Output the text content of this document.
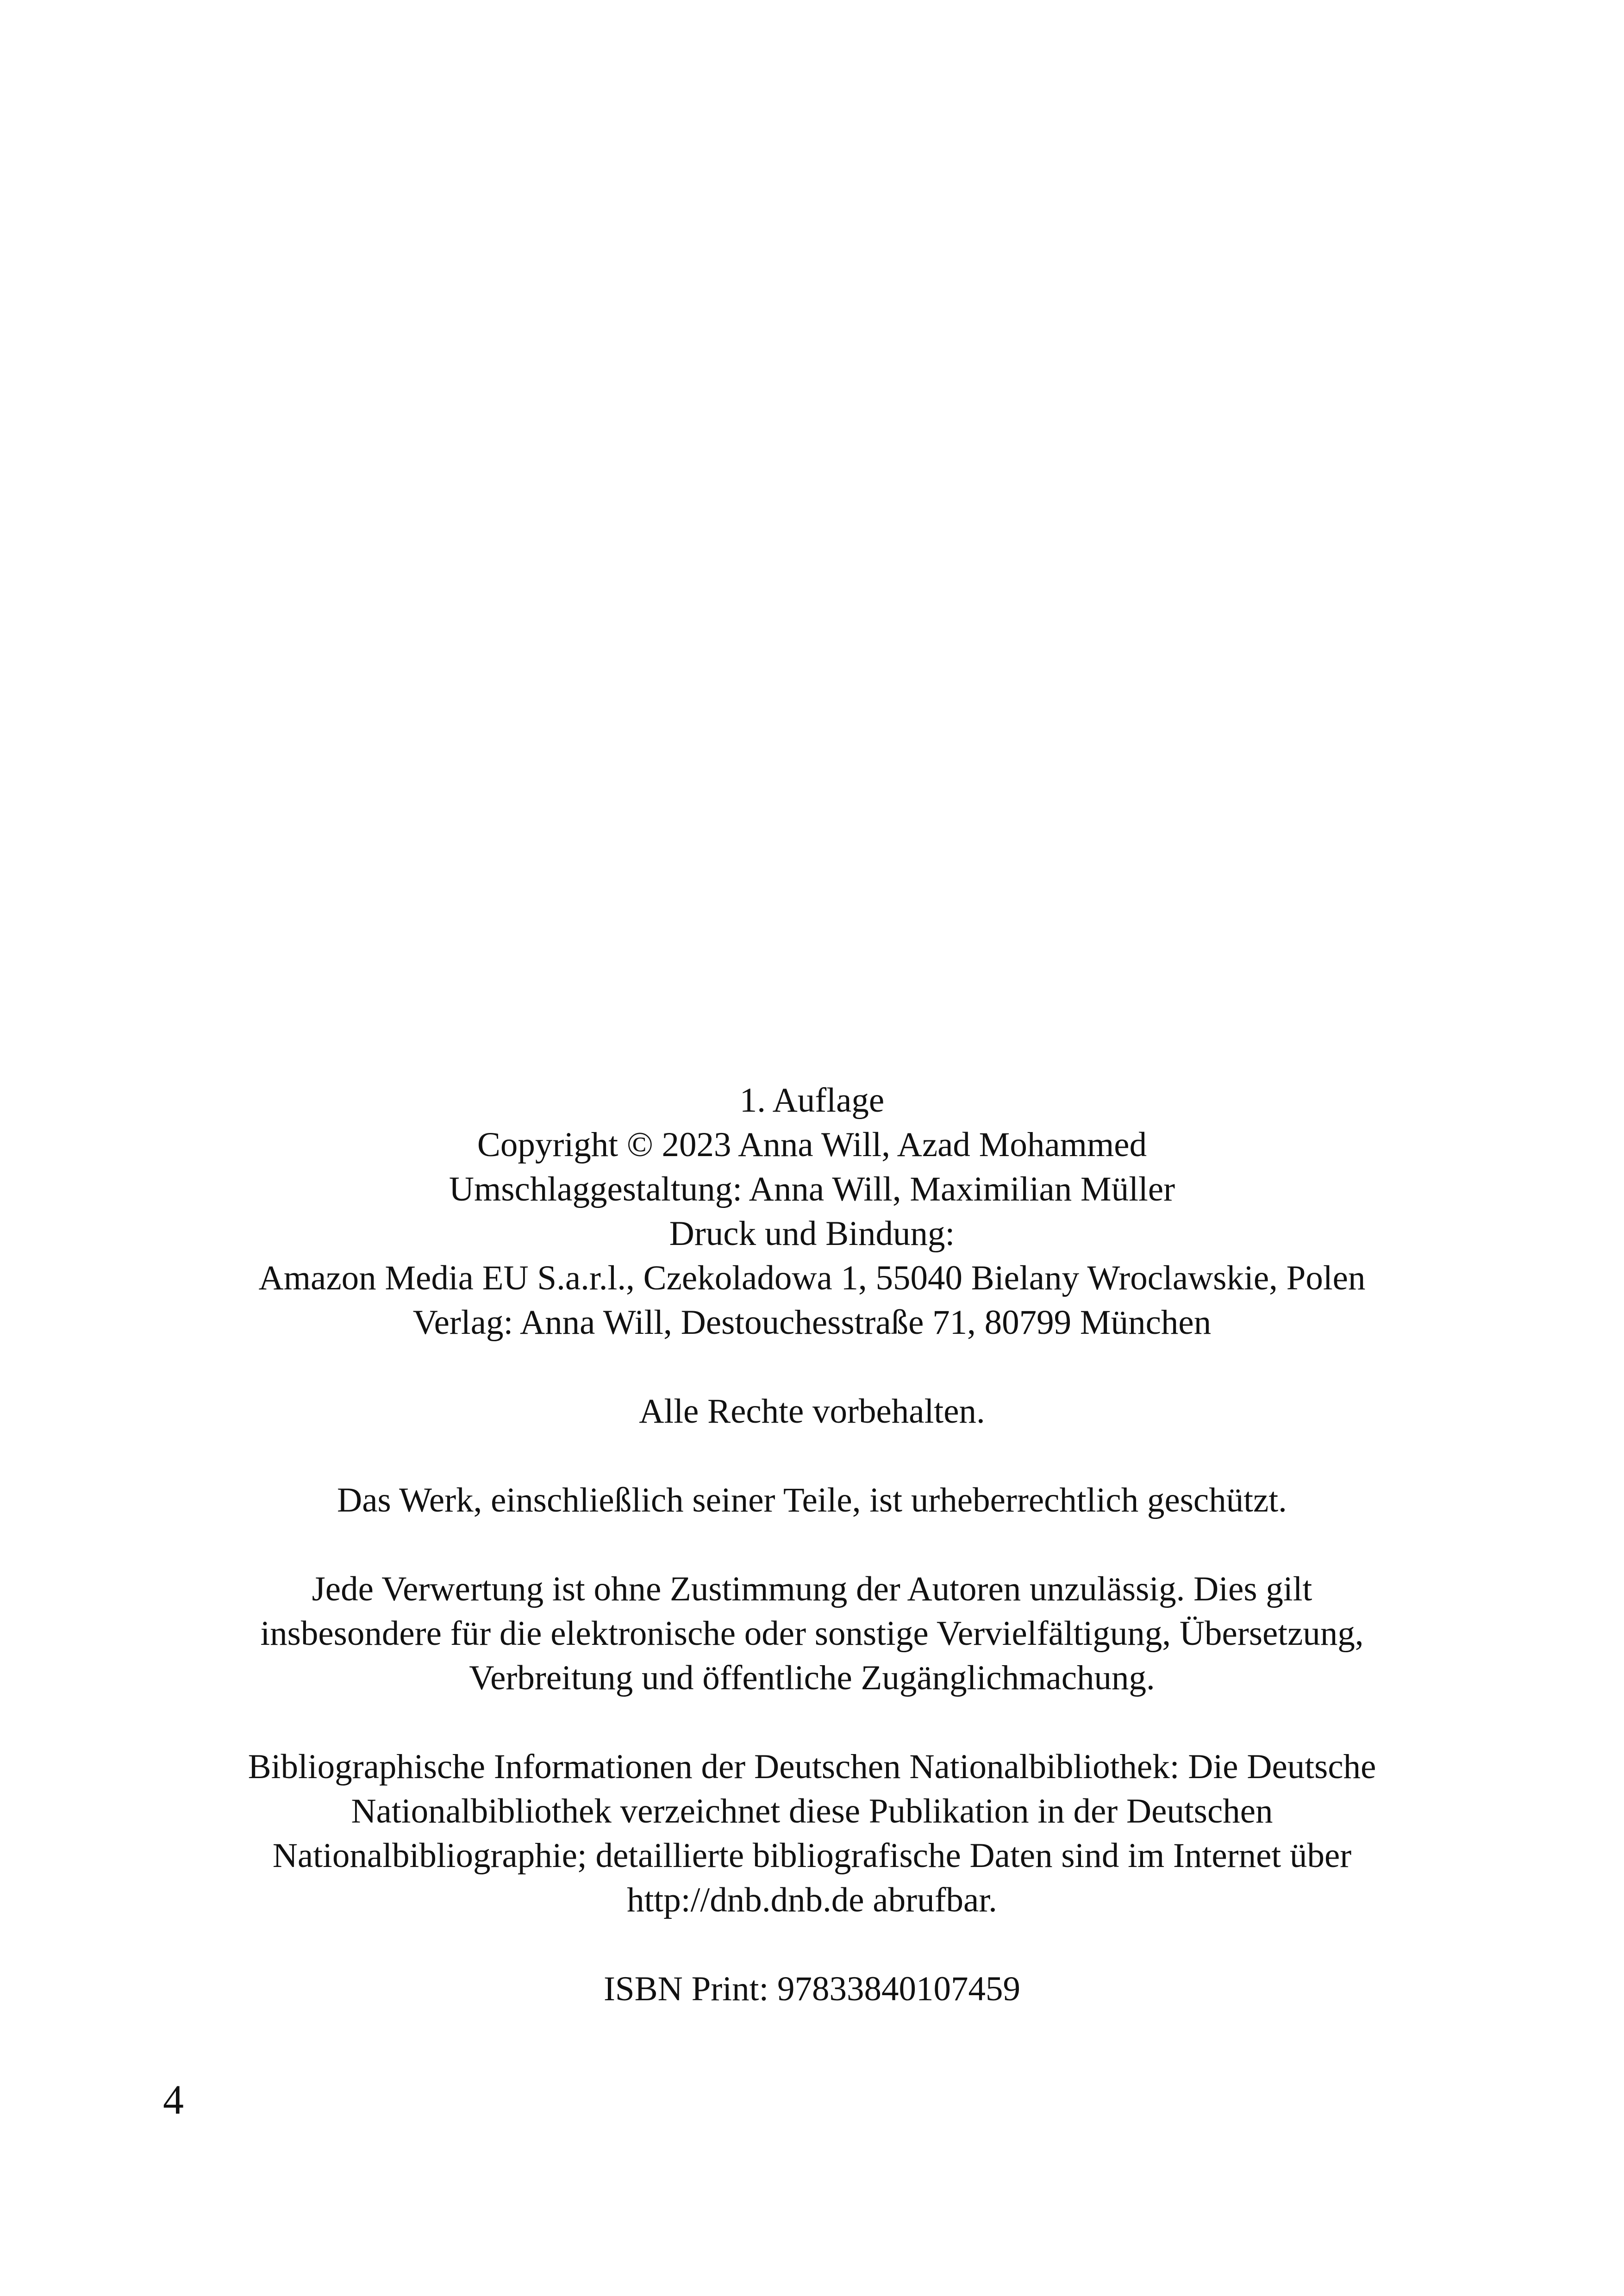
1. Auflage
Copyright © 2023 Anna Will, Azad Mohammed
Umschlaggestaltung: Anna Will, Maximilian Müller
Druck und Bindung:
Amazon Media EU S.a.r.l., Czekoladowa 1, 55040 Bielany Wroclawskie, Polen
Verlag: Anna Will, Destouchesstraße 71, 80799 München
Alle Rechte vorbehalten.
Das Werk, einschließlich seiner Teile, ist urheberrechtlich geschützt.
Jede Verwertung ist ohne Zustimmung der Autoren unzulässig. Dies gilt
insbesondere für die elektronische oder sonstige Vervielfältigung, Übersetzung,
Verbreitung und öffentliche Zugänglichmachung.
Bibliographische Informationen der Deutschen Nationalbibliothek: Die Deutsche
Nationalbibliothek verzeichnet diese Publikation in der Deutschen
Nationalbibliographie; detaillierte bibliografische Daten sind im Internet über
http://dnb.dnb.de abrufbar.
ISBN Print: 97833840107459
4
